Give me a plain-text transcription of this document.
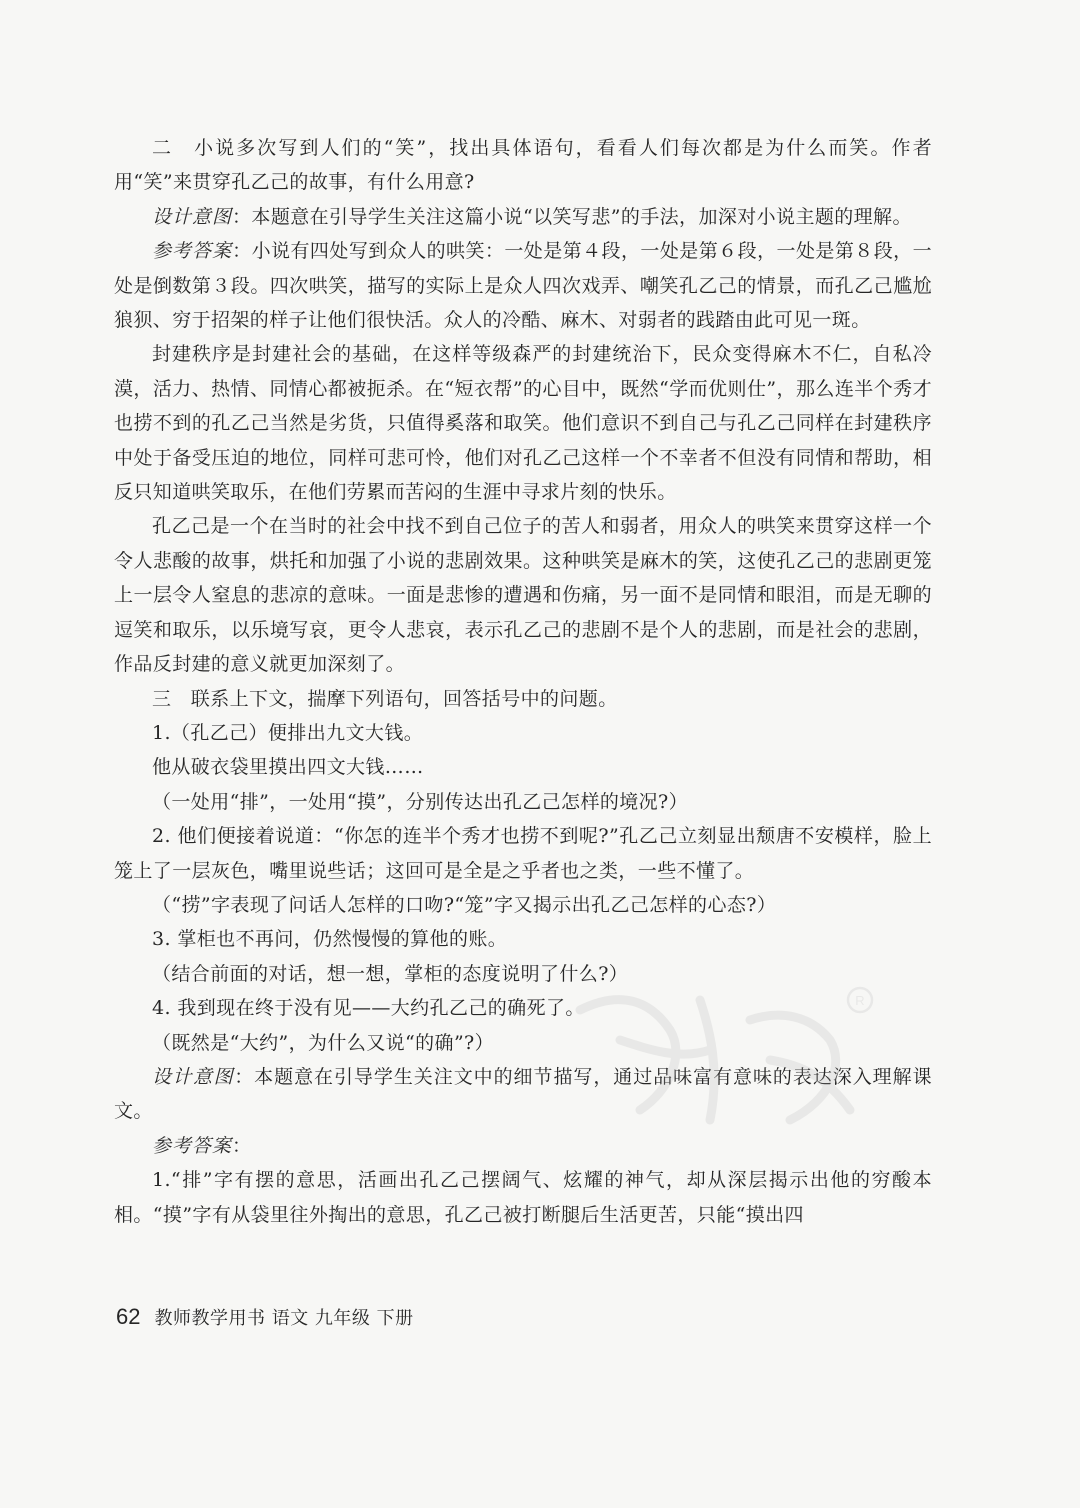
二　小说多次写到人们的“笑”，找出具体语句，看看人们每次都是为什么而笑。作者用“笑”来贯穿孔乙己的故事，有什么用意?

设计意图：本题意在引导学生关注这篇小说“以笑写悲”的手法，加深对小说主题的理解。

参考答案：小说有四处写到众人的哄笑：一处是第４段，一处是第６段，一处是第８段，一处是倒数第３段。四次哄笑，描写的实际上是众人四次戏弄、嘲笑孔乙己的情景，而孔乙己尴尬狼狈、穷于招架的样子让他们很快活。众人的冷酷、麻木、对弱者的践踏由此可见一斑。

封建秩序是封建社会的基础，在这样等级森严的封建统治下，民众变得麻木不仁，自私冷漠，活力、热情、同情心都被扼杀。在“短衣帮”的心目中，既然“学而优则仕”，那么连半个秀才也捞不到的孔乙己当然是劣货，只值得奚落和取笑。他们意识不到自己与孔乙己同样在封建秩序中处于备受压迫的地位，同样可悲可怜，他们对孔乙己这样一个不幸者不但没有同情和帮助，相反只知道哄笑取乐，在他们劳累而苦闷的生涯中寻求片刻的快乐。

孔乙己是一个在当时的社会中找不到自己位子的苦人和弱者，用众人的哄笑来贯穿这样一个令人悲酸的故事，烘托和加强了小说的悲剧效果。这种哄笑是麻木的笑，这使孔乙己的悲剧更笼上一层令人窒息的悲凉的意味。一面是悲惨的遭遇和伤痛，另一面不是同情和眼泪，而是无聊的逗笑和取乐，以乐境写哀，更令人悲哀，表示孔乙己的悲剧不是个人的悲剧，而是社会的悲剧，作品反封建的意义就更加深刻了。

三　联系上下文，揣摩下列语句，回答括号中的问题。

1.（孔乙己）便排出九文大钱。

他从破衣袋里摸出四文大钱……

（一处用“排”，一处用“摸”，分别传达出孔乙己怎样的境况?）

2. 他们便接着说道：“你怎的连半个秀才也捞不到呢?”孔乙己立刻显出颓唐不安模样，脸上笼上了一层灰色，嘴里说些话；这回可是全是之乎者也之类，一些不懂了。

（“捞”字表现了问话人怎样的口吻?“笼”字又揭示出孔乙己怎样的心态?）

3. 掌柜也不再问，仍然慢慢的算他的账。

（结合前面的对话，想一想，掌柜的态度说明了什么?）

4. 我到现在终于没有见——大约孔乙己的确死了。

（既然是“大约”，为什么又说“的确”?）

设计意图：本题意在引导学生关注文中的细节描写，通过品味富有意味的表达深入理解课文。

参考答案：

1.“排”字有摆的意思，活画出孔乙己摆阔气、炫耀的神气，却从深层揭示出他的穷酸本相。“摸”字有从袋里往外掏出的意思，孔乙己被打断腿后生活更苦，只能“摸出四

R
62 教师教学用书 语文 九年级 下册
